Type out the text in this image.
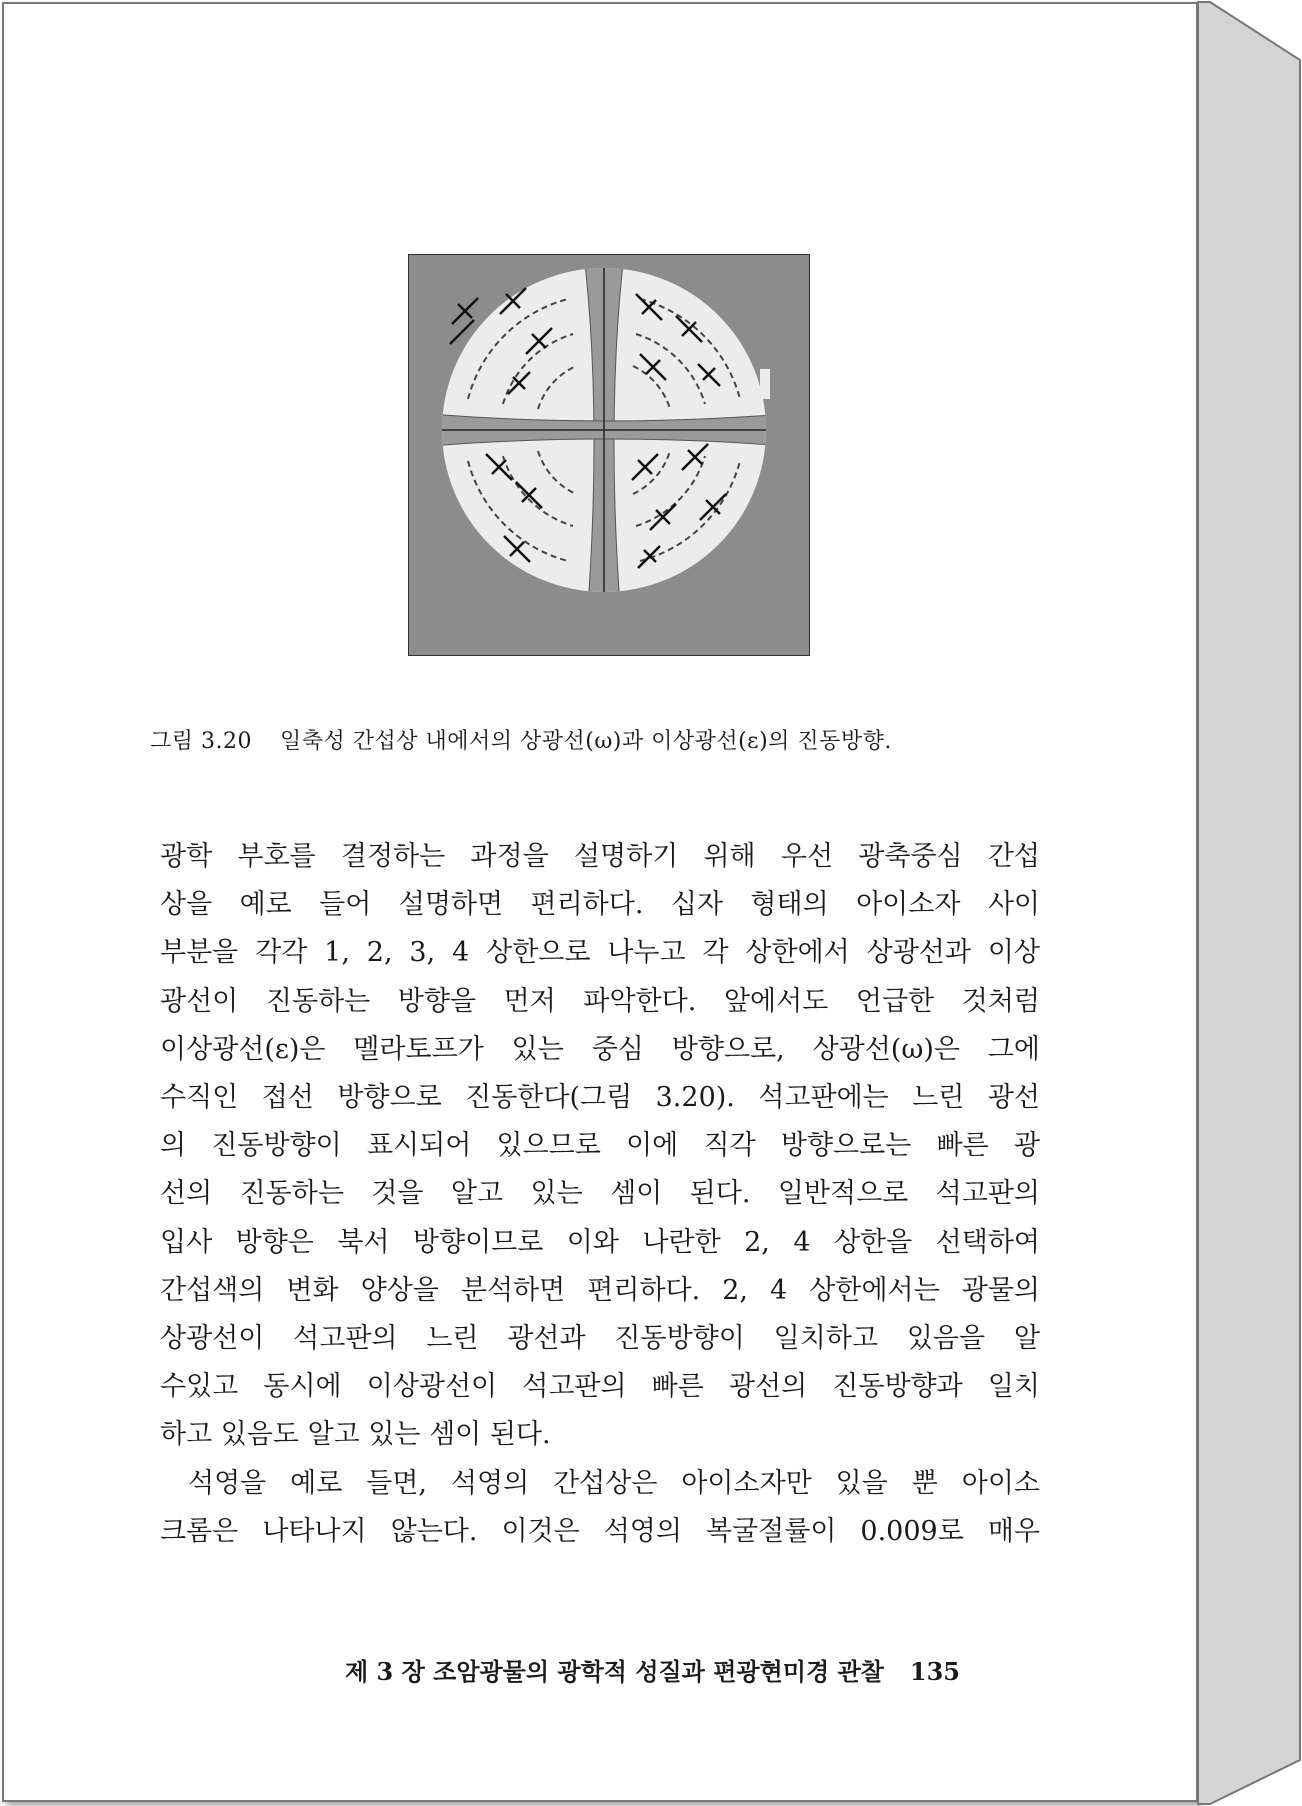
그림 3.20 일축성 간섭상 내에서의 상광선(ω)과 이상광선(ε)의 진동방향.

광학 부호를 결정하는 과정을 설명하기 위해 우선 광축중심 간섭

상을 예로 들어 설명하면 편리하다. 십자 형태의 아이소자 사이

부분을 각각 1, 2, 3, 4 상한으로 나누고 각 상한에서 상광선과 이상

광선이 진동하는 방향을 먼저 파악한다. 앞에서도 언급한 것처럼

이상광선(ε)은 멜라토프가 있는 중심 방향으로, 상광선(ω)은 그에

수직인 접선 방향으로 진동한다(그림 3.20). 석고판에는 느린 광선

의 진동방향이 표시되어 있으므로 이에 직각 방향으로는 빠른 광

선의 진동하는 것을 알고 있는 셈이 된다. 일반적으로 석고판의

입사 방향은 북서 방향이므로 이와 나란한 2, 4 상한을 선택하여

간섭색의 변화 양상을 분석하면 편리하다. 2, 4 상한에서는 광물의

상광선이 석고판의 느린 광선과 진동방향이 일치하고 있음을 알

수있고 동시에 이상광선이 석고판의 빠른 광선의 진동방향과 일치

하고 있음도 알고 있는 셈이 된다.

석영을 예로 들면, 석영의 간섭상은 아이소자만 있을 뿐 아이소

크롬은 나타나지 않는다. 이것은 석영의 복굴절률이 0.009로 매우

제 3 장 조암광물의 광학적 성질과 편광현미경 관찰 135
